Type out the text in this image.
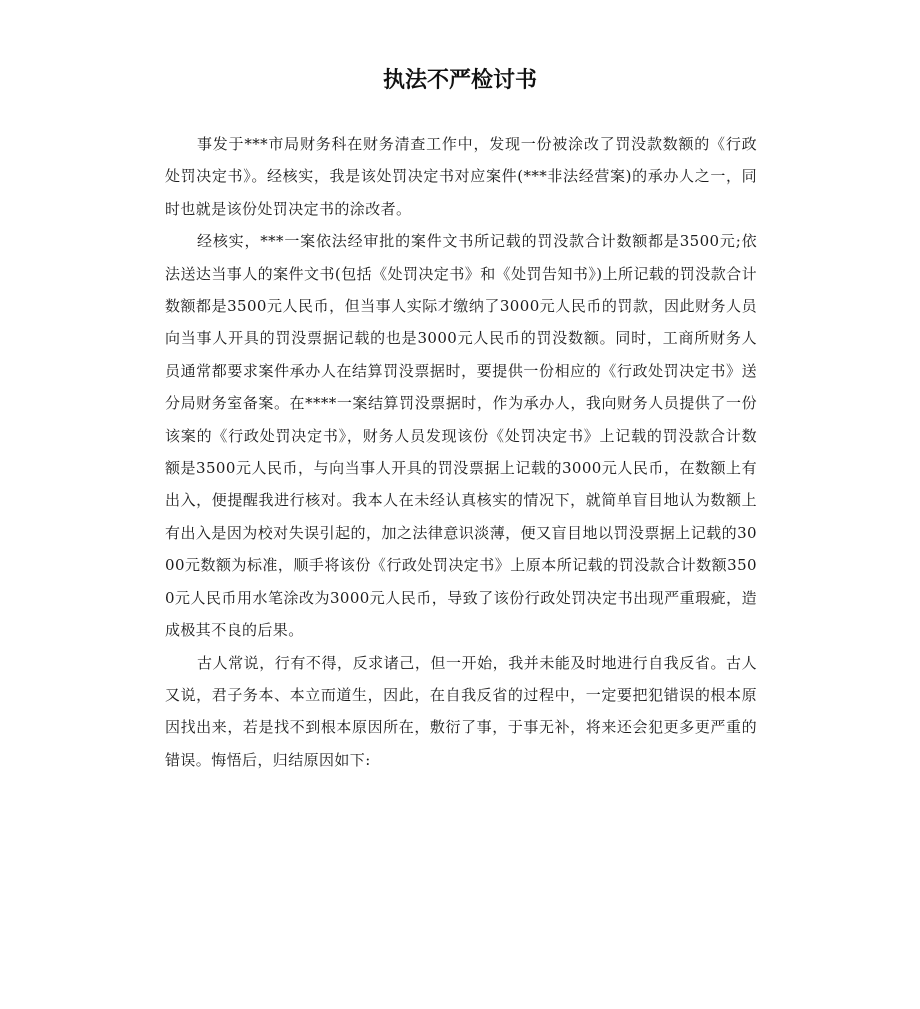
执法不严检讨书

事发于***市局财务科在财务清查工作中，发现一份被涂改了罚没款数额的《行政处罚决定书》。经核实，我是该处罚决定书对应案件(***非法经营案)的承办人之一，同时也就是该份处罚决定书的涂改者。

经核实，***一案依法经审批的案件文书所记载的罚没款合计数额都是3500元;依法送达当事人的案件文书(包括《处罚决定书》和《处罚告知书》)上所记载的罚没款合计数额都是3500元人民币，但当事人实际才缴纳了3000元人民币的罚款，因此财务人员向当事人开具的罚没票据记载的也是3000元人民币的罚没数额。同时，工商所财务人员通常都要求案件承办人在结算罚没票据时，要提供一份相应的《行政处罚决定书》送分局财务室备案。在****一案结算罚没票据时，作为承办人，我向财务人员提供了一份该案的《行政处罚决定书》，财务人员发现该份《处罚决定书》上记载的罚没款合计数额是3500元人民币，与向当事人开具的罚没票据上记载的3000元人民币，在数额上有出入，便提醒我进行核对。我本人在未经认真核实的情况下，就简单盲目地认为数额上有出入是因为校对失误引起的，加之法律意识淡薄，便又盲目地以罚没票据上记载的3000元数额为标准，顺手将该份《行政处罚决定书》上原本所记载的罚没款合计数额3500元人民币用水笔涂改为3000元人民币，导致了该份行政处罚决定书出现严重瑕疵，造成极其不良的后果。

古人常说，行有不得，反求诸己，但一开始，我并未能及时地进行自我反省。古人又说，君子务本、本立而道生，因此，在自我反省的过程中，一定要把犯错误的根本原因找出来，若是找不到根本原因所在，敷衍了事，于事无补，将来还会犯更多更严重的错误。悔悟后，归结原因如下:
